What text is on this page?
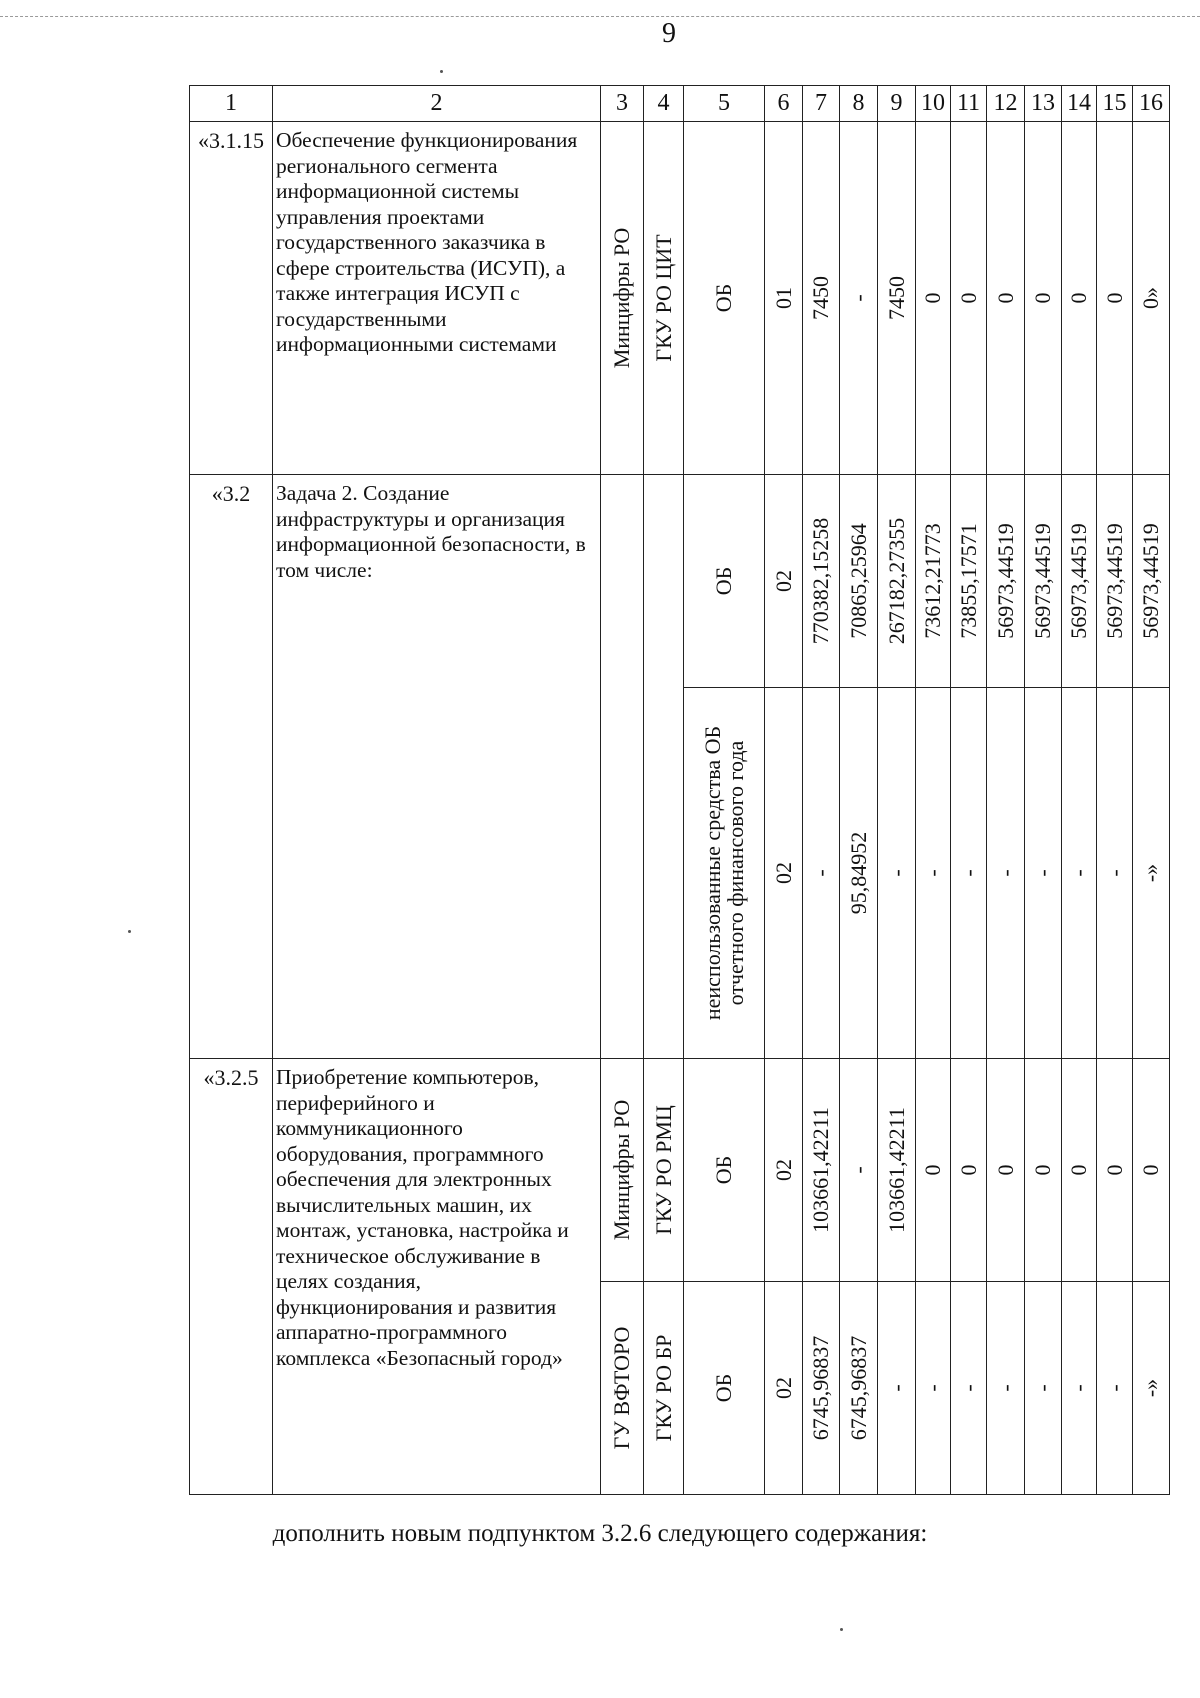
9
1	2	3	4	5	6	7	8	9	10	11	12	13	14	15	16
«3.1.15	Обеспечение функционирования регионального сегмента информационной системы управления проектами государственного заказчика в сфере строительства (ИСУП), а также интеграция ИСУП с государственными информационными системами	Минцифры РО	ГКУ РО ЦИТ	ОБ	01	7450	-	7450	0	0	0	0	0	0	0»

«3.2	Задача 2. Создание инфраструктуры и организация информационной безопасности, в том числе:			ОБ	02	770382,15258	70865,25964	267182,27355	73612,21773	73855,17571	56973,44519	56973,44519	56973,44519	56973,44519	56973,44519

				неиспользованные средства ОБ отчетного финансового года	02	-	95,84952	-	-	-	-	-	-	-	-»

«3.2.5	Приобретение компьютеров, периферийного и коммуникационного оборудования, программного обеспечения для электронных вычислительных машин, их монтаж, установка, настройка и техническое обслуживание в целях создания, функционирования и развития аппаратно-программного комплекса «Безопасный город»	Минцифры РО	ГКУ РО РМЦ	ОБ	02	103661,42211	-	103661,42211	0	0	0	0	0	0	0

		ГУ ВФТОРО	ГКУ РО БР	ОБ	02	6745,96837	6745,96837	-	-	-	-	-	-	-	-»
дополнить новым подпунктом 3.2.6 следующего содержания:
